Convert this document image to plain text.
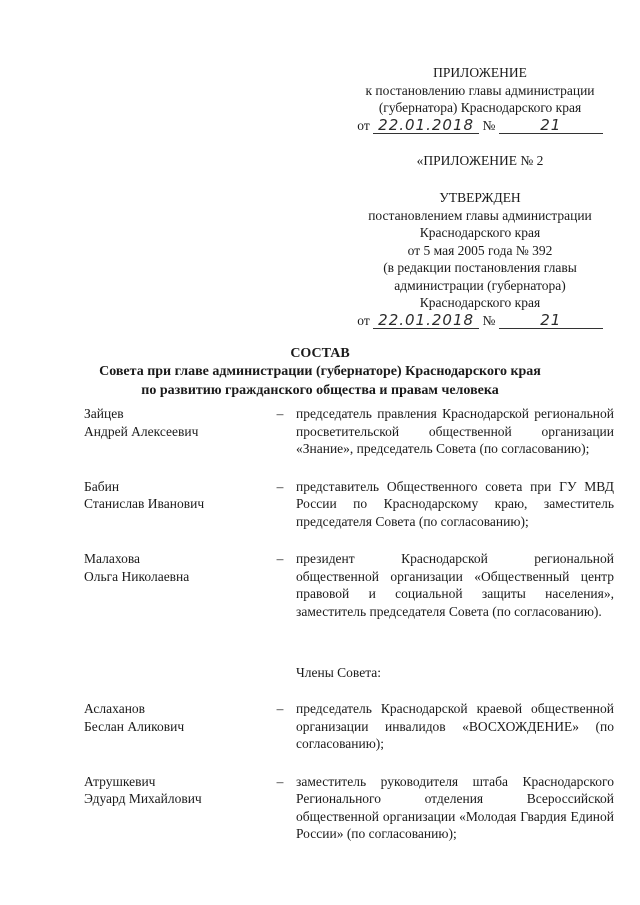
ПРИЛОЖЕНИЕ
к постановлению главы администрации
(губернатора) Краснодарского края
от 22.01.2018 №	21
«ПРИЛОЖЕНИЕ № 2
УТВЕРЖДЕН
постановлением главы администрации
Краснодарского края
от 5 мая 2005 года № 392
(в редакции постановления главы
администрации (губернатора)
Краснодарского края
от 22.01.2018 №	21
СОСТАВ
Совета при главе администрации (губернаторе) Краснодарского края
по развитию гражданского общества и правам человека
Зайцев
Андрей Алексеевич
– председатель правления Краснодарской региональной просветительской общественной организации «Знание», председатель Совета (по согласованию);
Бабин
Станислав Иванович
– представитель Общественного совета при ГУ МВД России по Краснодарскому краю, заместитель председателя Совета (по согласованию);
Малахова
Ольга Николаевна
– президент Краснодарской региональной общественной организации «Общественный центр правовой и социальной защиты населения», заместитель председателя Совета (по согласованию).
Члены Совета:
Аслаханов
Беслан Аликович
– председатель Краснодарской краевой общественной организации инвалидов «ВОСХОЖДЕНИЕ» (по согласованию);
Атрушкевич
Эдуард Михайлович
– заместитель руководителя штаба Краснодарского Регионального отделения Всероссийской общественной организации «Молодая Гвардия Единой России» (по согласованию);
